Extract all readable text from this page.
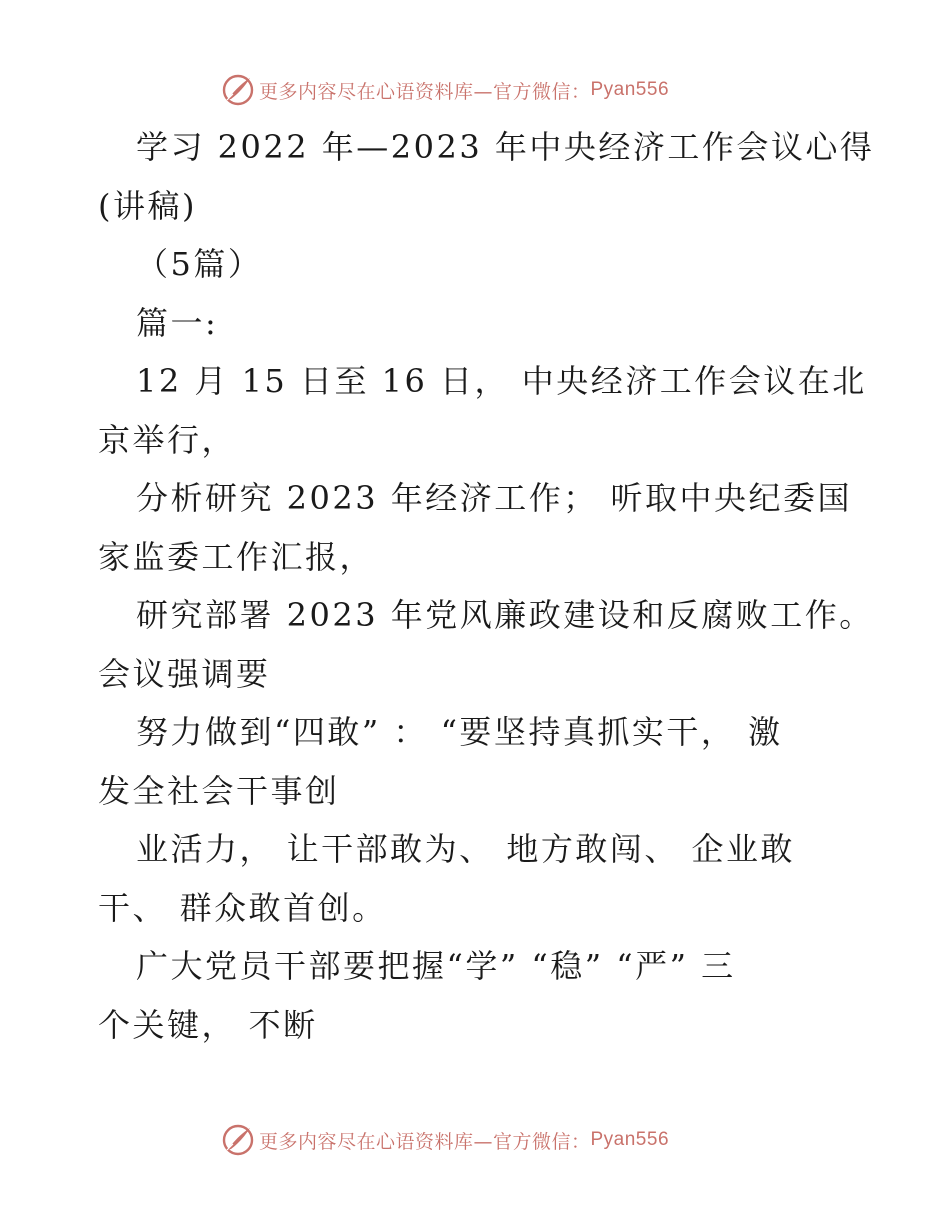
更多内容尽在心语资料库—官方微信： Pyan556
学习 2022 年—2023 年中央经济工作会议心得
(讲稿)
（5篇）
篇一:
12 月 15 日至 16 日， 中央经济工作会议在北
京举行，
分析研究 2023 年经济工作； 听取中央纪委国
家监委工作汇报，
研究部署 2023 年党风廉政建设和反腐败工作。
会议强调要
努力做到“四敢” ： “要坚持真抓实干， 激
发全社会干事创
业活力， 让干部敢为、 地方敢闯、 企业敢
干、 群众敢首创。
广大党员干部要把握“学” “稳” “严” 三
个关键， 不断
更多内容尽在心语资料库—官方微信： Pyan556
